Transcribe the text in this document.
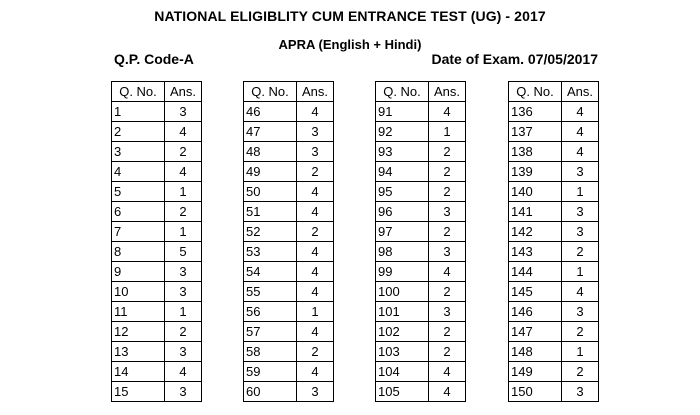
NATIONAL ELIGIBLITY CUM ENTRANCE TEST (UG) - 2017
APRA (English + Hindi)
Q.P. Code-A	Date of Exam. 07/05/2017
Q. No.	Ans.
1	3
2	4
3	2
4	4
5	1
6	2
7	1
8	5
9	3
10	3
11	1
12	2
13	3
14	4
15	3
Q. No.	Ans.
46	4
47	3
48	3
49	2
50	4
51	4
52	2
53	4
54	4
55	4
56	1
57	4
58	2
59	4
60	3
Q. No.	Ans.
91	4
92	1
93	2
94	2
95	2
96	3
97	2
98	3
99	4
100	2
101	3
102	2
103	2
104	4
105	4
Q. No.	Ans.
136	4
137	4
138	4
139	3
140	1
141	3
142	3
143	2
144	1
145	4
146	3
147	2
148	1
149	2
150	3
